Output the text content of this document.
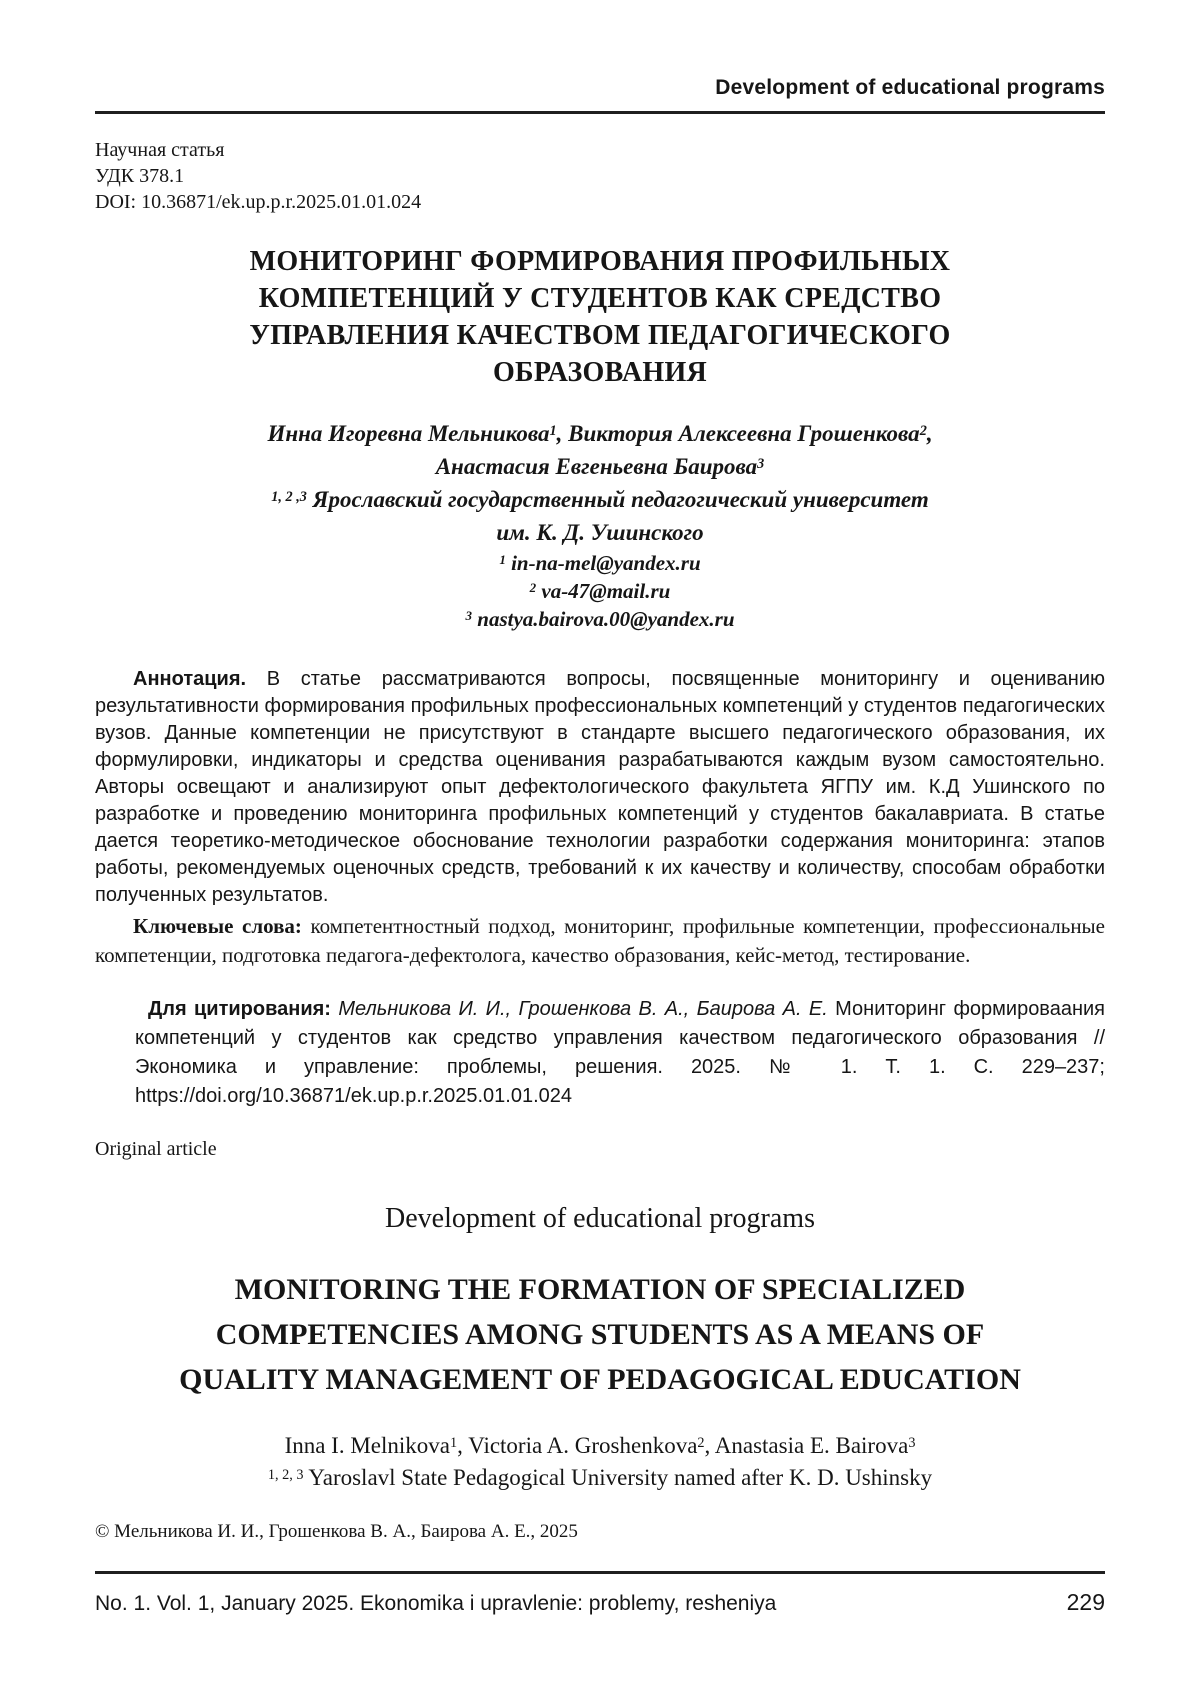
Development of educational programs
Научная статья
УДК 378.1
DOI: 10.36871/ek.up.p.r.2025.01.01.024
МОНИТОРИНГ ФОРМИРОВАНИЯ ПРОФИЛЬНЫХ КОМПЕТЕНЦИЙ У СТУДЕНТОВ КАК СРЕДСТВО УПРАВЛЕНИЯ КАЧЕСТВОМ ПЕДАГОГИЧЕСКОГО ОБРАЗОВАНИЯ
Инна Игоревна Мельникова$^1$, Виктория Алексеевна Грошенкова$^2$,
Анастасия Евгеньевна Баирова$^3$
$^{1, 2 ,3}$ Ярославский государственный педагогический университет
им. К. Д. Ушинского
$^1$ in-na-mel@yandex.ru
$^2$ va-47@mail.ru
$^3$ nastya.bairova.00@yandex.ru

Аннотация. В статье рассматриваются вопросы, посвященные мониторингу и оцениванию результативности формирования профильных профессиональных компетенций у студентов педагогических вузов. Данные компетенции не присутствуют в стандарте высшего педагогического образования, их формулировки, индикаторы и средства оценивания разрабатываются каждым вузом самостоятельно. Авторы освещают и анализируют опыт дефектологического факультета ЯГПУ им. К.Д Ушинского по разработке и проведению мониторинга профильных компетенций у студентов бакалавриата. В статье дается теоретико-методическое обоснование технологии разработки содержания мониторинга: этапов работы, рекомендуемых оценочных средств, требований к их качеству и количеству, способам обработки полученных результатов.

Ключевые слова: компетентностный подход, мониторинг, профильные компетенции, профессиональные компетенции, подготовка педагога-дефектолога, качество образования, кейс-метод, тестирование.

Для цитирования: Мельникова И. И., Грошенкова В. А., Баирова А. Е. Мониторинг формироваания компетенций у студентов как средство управления качеством педагогического образования // Экономика и управление: проблемы, решения. 2025. № 1. Т. 1. С. 229–237; https://doi.org/10.36871/ek.up.p.r.2025.01.01.024

Original article
Development of educational programs
MONITORING THE FORMATION OF SPECIALIZED COMPETENCIES AMONG STUDENTS AS A MEANS OF QUALITY MANAGEMENT OF PEDAGOGICAL EDUCATION
Inna I. Melnikova$^1$, Victoria A. Groshenkova$^2$, Anastasia E. Bairova$^3$
$^{1, 2, 3}$ Yaroslavl State Pedagogical University named after K. D. Ushinsky
© Мельникова И. И., Грошенкова В. А., Баирова А. Е., 2025
No. 1. Vol. 1, January 2025. Ekonomika i upravlenie: problemy, resheniya	229
